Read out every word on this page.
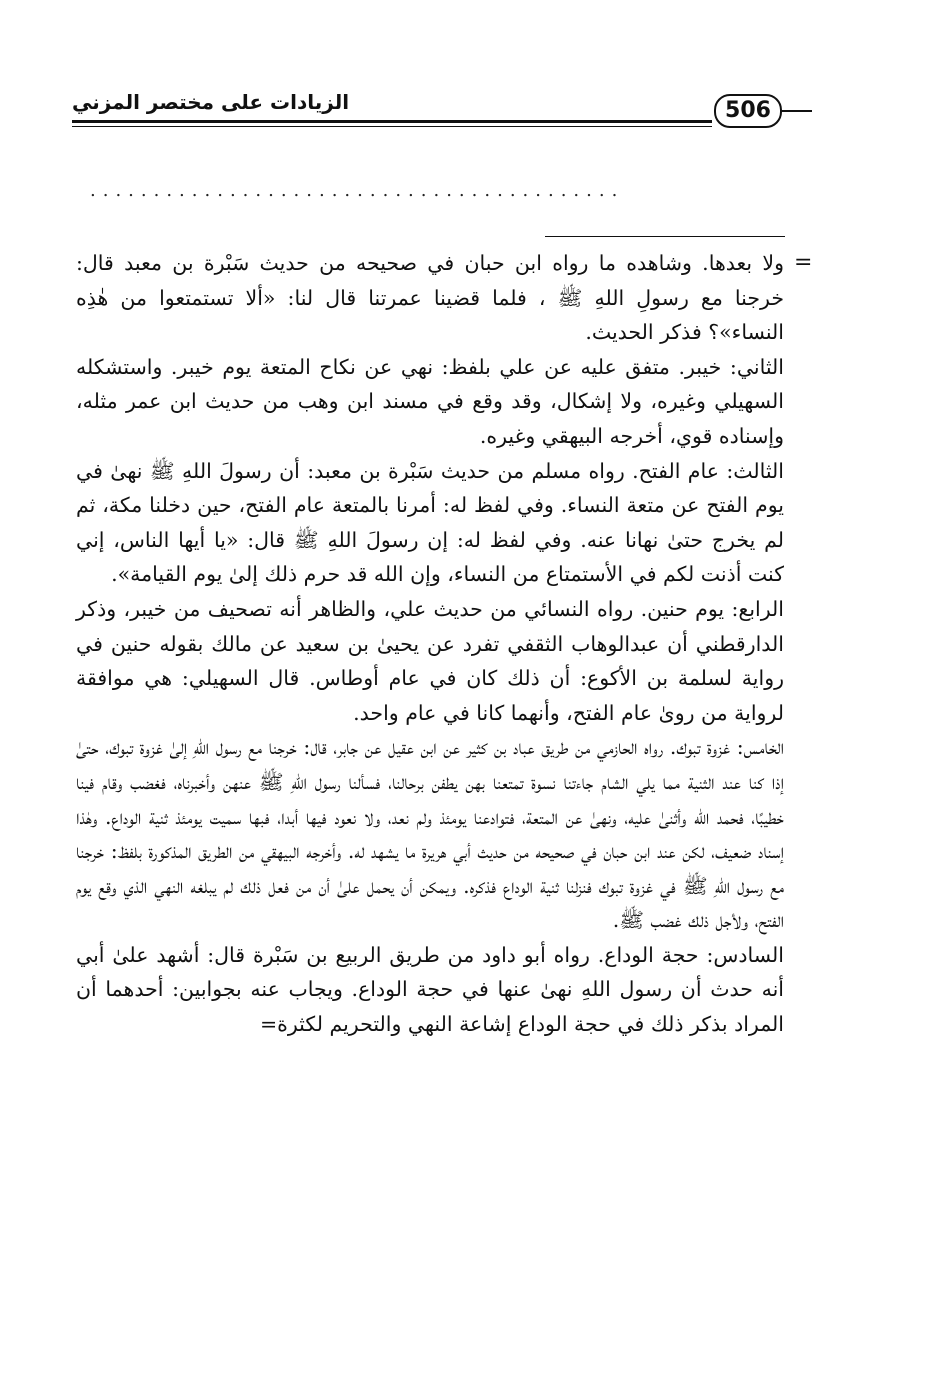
الزيادات على مختصر المزني	506
..........................................
=

ولا بعدها. وشاهده ما رواه ابن حبان في صحيحه من حديث سَبْرة بن معبد قال: خرجنا مع رسولِ اللهِ ﷺ ، فلما قضينا عمرتنا قال لنا: «ألا تستمتعوا من هٰذِه النساء»؟ فذكر الحديث.

الثاني: خيبر. متفق عليه عن علي بلفظ: نهي عن نكاح المتعة يوم خيبر. واستشكله السهيلي وغيره، ولا إشكال، وقد وقع في مسند ابن وهب من حديث ابن عمر مثله، وإسناده قوي، أخرجه البيهقي وغيره.

الثالث: عام الفتح. رواه مسلم من حديث سَبْرة بن معبد: أن رسولَ اللهِ ﷺ نهىٰ في يوم الفتح عن متعة النساء. وفي لفظ له: أمرنا بالمتعة عام الفتح، حين دخلنا مكة، ثم لم يخرج حتىٰ نهانا عنه. وفي لفظ له: إن رسولَ اللهِ ﷺ قال: «يا أيها الناس، إني كنت أذنت لكم في الأستمتاع من النساء، وإن الله قد حرم ذلك إلىٰ يوم القيامة».

الرابع: يوم حنين. رواه النسائي من حديث علي، والظاهر أنه تصحيف من خيبر، وذكر الدارقطني أن عبدالوهاب الثقفي تفرد عن يحيىٰ بن سعيد عن مالك بقوله حنين في رواية لسلمة بن الأكوع: أن ذلك كان في عام أوطاس. قال السهيلي: هي موافقة لرواية من روىٰ عام الفتح، وأنهما كانا في عام واحد.

الخامس: غزوة تبوك. رواه الحازمي من طريق عباد بن كثير عن ابن عقيل عن جابر، قال: خرجنا مع رسول اللهِ إلىٰ غزوة تبوك، حتىٰ إذا كنا عند الثنية مما يلي الشام جاءتنا نسوة تمتعنا بهن يطفن برحالنا، فسألنا رسول اللهِ ﷺ عنهن وأخبرناه، فغضب وقام فينا خطيبًا، فحمد الله وأثنىٰ عليه، ونهىٰ عن المتعة، فتوادعنا يومئذ ولم نعد، ولا نعود فيها أبدا، فبها سميت يومئذ ثنية الوداع. وهٰذا إسناد ضعيف، لكن عند ابن حبان في صحيحه من حديث أبي هريرة ما يشهد له. وأخرجه البيهقي من الطريق المذكورة بلفظ: خرجنا مع رسول اللهِ ﷺ في غزوة تبوك فنزلنا ثنية الوداع فذكره. ويمكن أن يحمل علىٰ أن من فعل ذلك لم يبلغه النهي الذي وقع يوم الفتح، ولأجل ذلك غضب ﷺ.

السادس: حجة الوداع. رواه أبو داود من طريق الربيع بن سَبْرة قال: أشهد علىٰ أبي أنه حدث أن رسول اللهِ نهىٰ عنها في حجة الوداع. ويجاب عنه بجوابين: أحدهما أن المراد بذكر ذلك في حجة الوداع إشاعة النهي والتحريم لكثرة=
